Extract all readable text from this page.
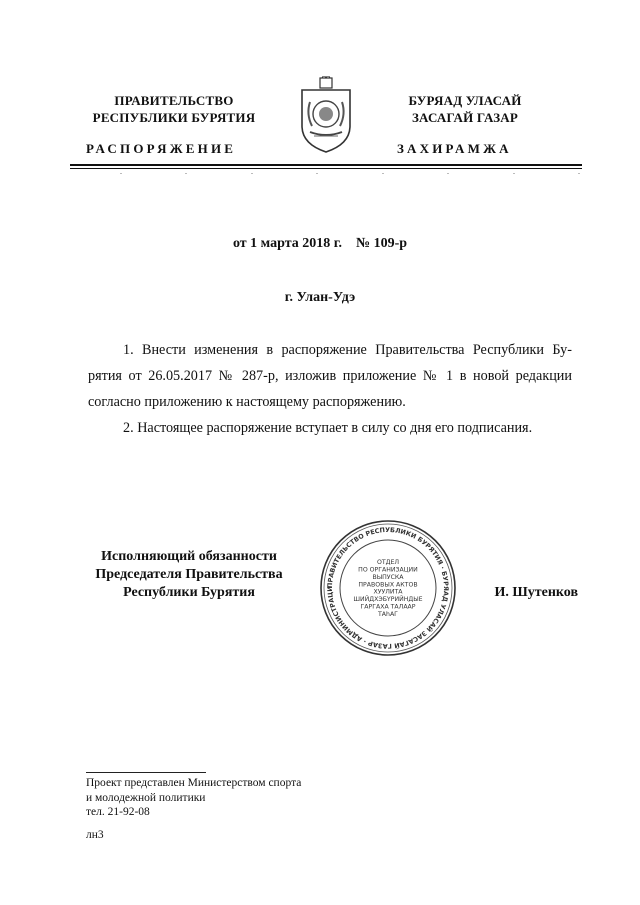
ПРАВИТЕЛЬСТВО
РЕСПУБЛИКИ БУРЯТИЯ
БУРЯАД УЛАСАЙ
ЗАСАГАЙ ГАЗАР
РАСПОРЯЖЕНИЕ	ЗАХИРАМЖА
от 1 марта 2018 г.    № 109-р
г. Улан-Удэ
1. Внести изменения в распоряжение Правительства Республики Бу-
рятия от 26.05.2017 № 287-р, изложив приложение № 1 в новой редакции
согласно приложению к настоящему распоряжению.
2. Настоящее распоряжение вступает в силу со дня его подписания.
Исполняющий обязанности
Председателя Правительства
Республики Бурятия	ПРАВИТЕЛЬСТВО РЕСПУБЛИКИ БУРЯТИЯ · БУРЯАД УЛАСАЙ ЗАСАГАЙ ГАЗАР · АДМИНИСТРАЦИ
ОТДЕЛ
ПО ОРГАНИЗАЦИИ
ВЫПУСКА
ПРАВОВЫХ АКТОВ
ХУУЛИТА
ШИЙДХЭБҮРИЙНДЫЕ
ГАРГАХА ТАЛААР
ТАһАГ
И. Шутенков
Проект представлен Министерством спорта
и молодежной политики
тел. 21-92-08
лн3
